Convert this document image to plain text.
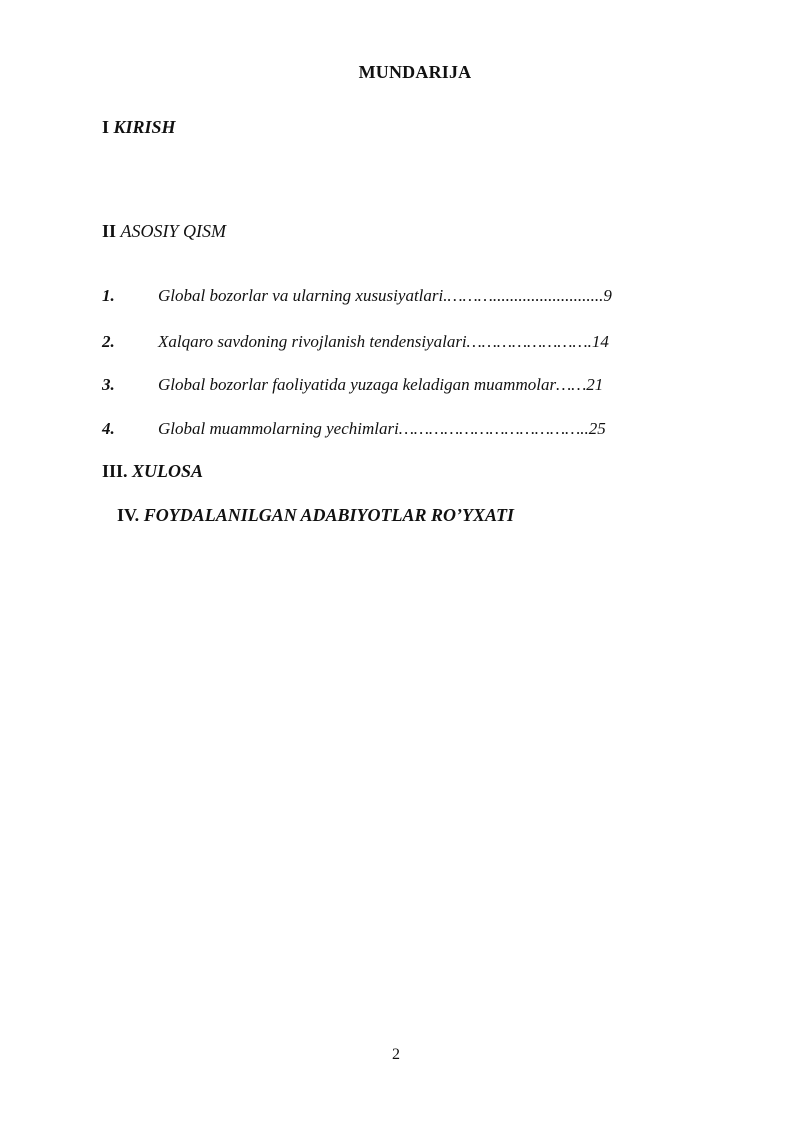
MUNDARIJA
I KIRISH
II ASOSIY QISM
1.	Global bozorlar va ularning xususiyatlari.………..........................9
2.	Xalqaro savdoning rivojlanish tendensiyalari…………………….14
3.	Global bozorlar faoliyatida yuzaga keladigan muammolar……21
4.	Global muammolarning yechimlari………………………………..25
III. XULOSA
IV. FOYDALANILGAN ADABIYOTLAR RO’YXATI
2
